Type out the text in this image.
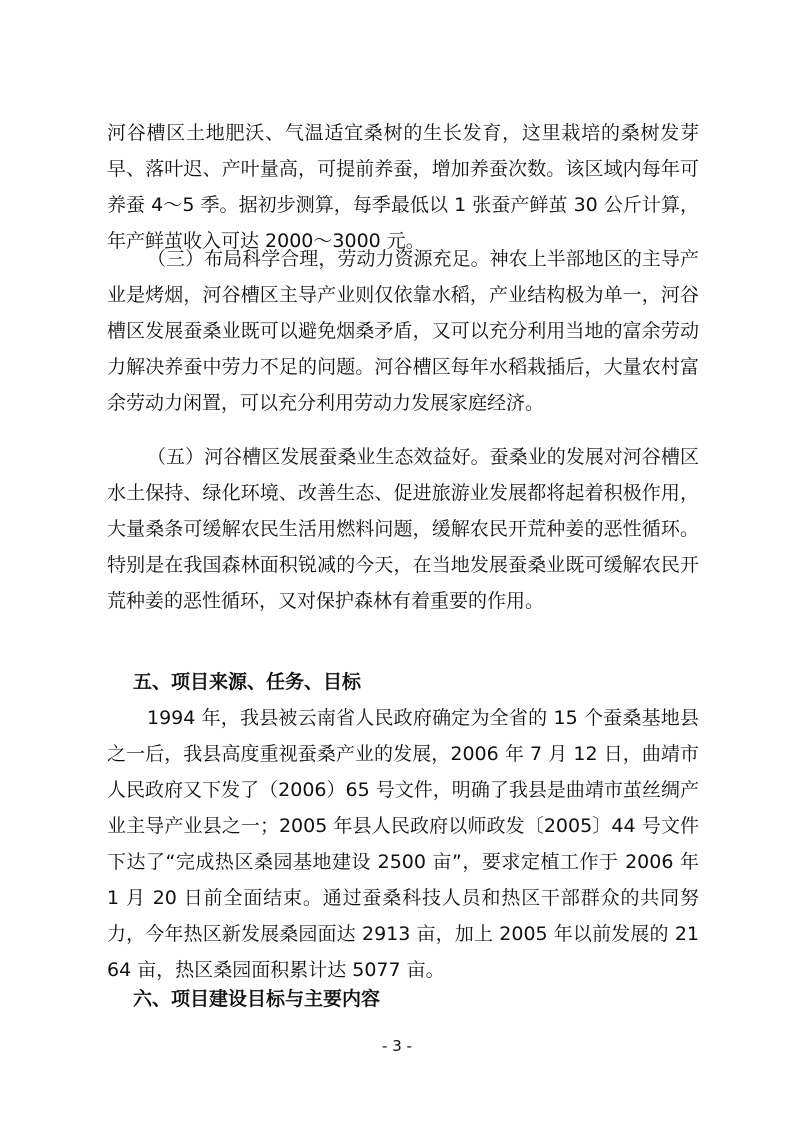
河谷槽区土地肥沃、气温适宜桑树的生长发育，这里栽培的桑树发芽早、落叶迟、产叶量高，可提前养蚕，增加养蚕次数。该区域内每年可养蚕 4～5 季。据初步测算，每季最低以 1 张蚕产鲜茧 30 公斤计算，年产鲜茧收入可达 2000～3000 元。

（三）布局科学合理，劳动力资源充足。神农上半部地区的主导产业是烤烟，河谷槽区主导产业则仅依靠水稻，产业结构极为单一，河谷槽区发展蚕桑业既可以避免烟桑矛盾，又可以充分利用当地的富余劳动力解决养蚕中劳力不足的问题。河谷槽区每年水稻栽插后，大量农村富余劳动力闲置，可以充分利用劳动力发展家庭经济。

（五）河谷槽区发展蚕桑业生态效益好。蚕桑业的发展对河谷槽区水土保持、绿化环境、改善生态、促进旅游业发展都将起着积极作用，大量桑条可缓解农民生活用燃料问题，缓解农民开荒种姜的恶性循环。特别是在我国森林面积锐减的今天，在当地发展蚕桑业既可缓解农民开荒种姜的恶性循环，又对保护森林有着重要的作用。

五、项目来源、任务、目标

1994 年，我县被云南省人民政府确定为全省的 15 个蚕桑基地县之一后，我县高度重视蚕桑产业的发展，2006 年 7 月 12 日，曲靖市人民政府又下发了（2006）65 号文件，明确了我县是曲靖市茧丝绸产业主导产业县之一；2005 年县人民政府以师政发〔2005〕44 号文件下达了“完成热区桑园基地建设 2500 亩”，要求定植工作于 2006 年 1 月 20 日前全面结束。通过蚕桑科技人员和热区干部群众的共同努力，今年热区新发展桑园面达 2913 亩，加上 2005 年以前发展的 2164 亩，热区桑园面积累计达 5077 亩。

六、项目建设目标与主要内容
- 3 -
